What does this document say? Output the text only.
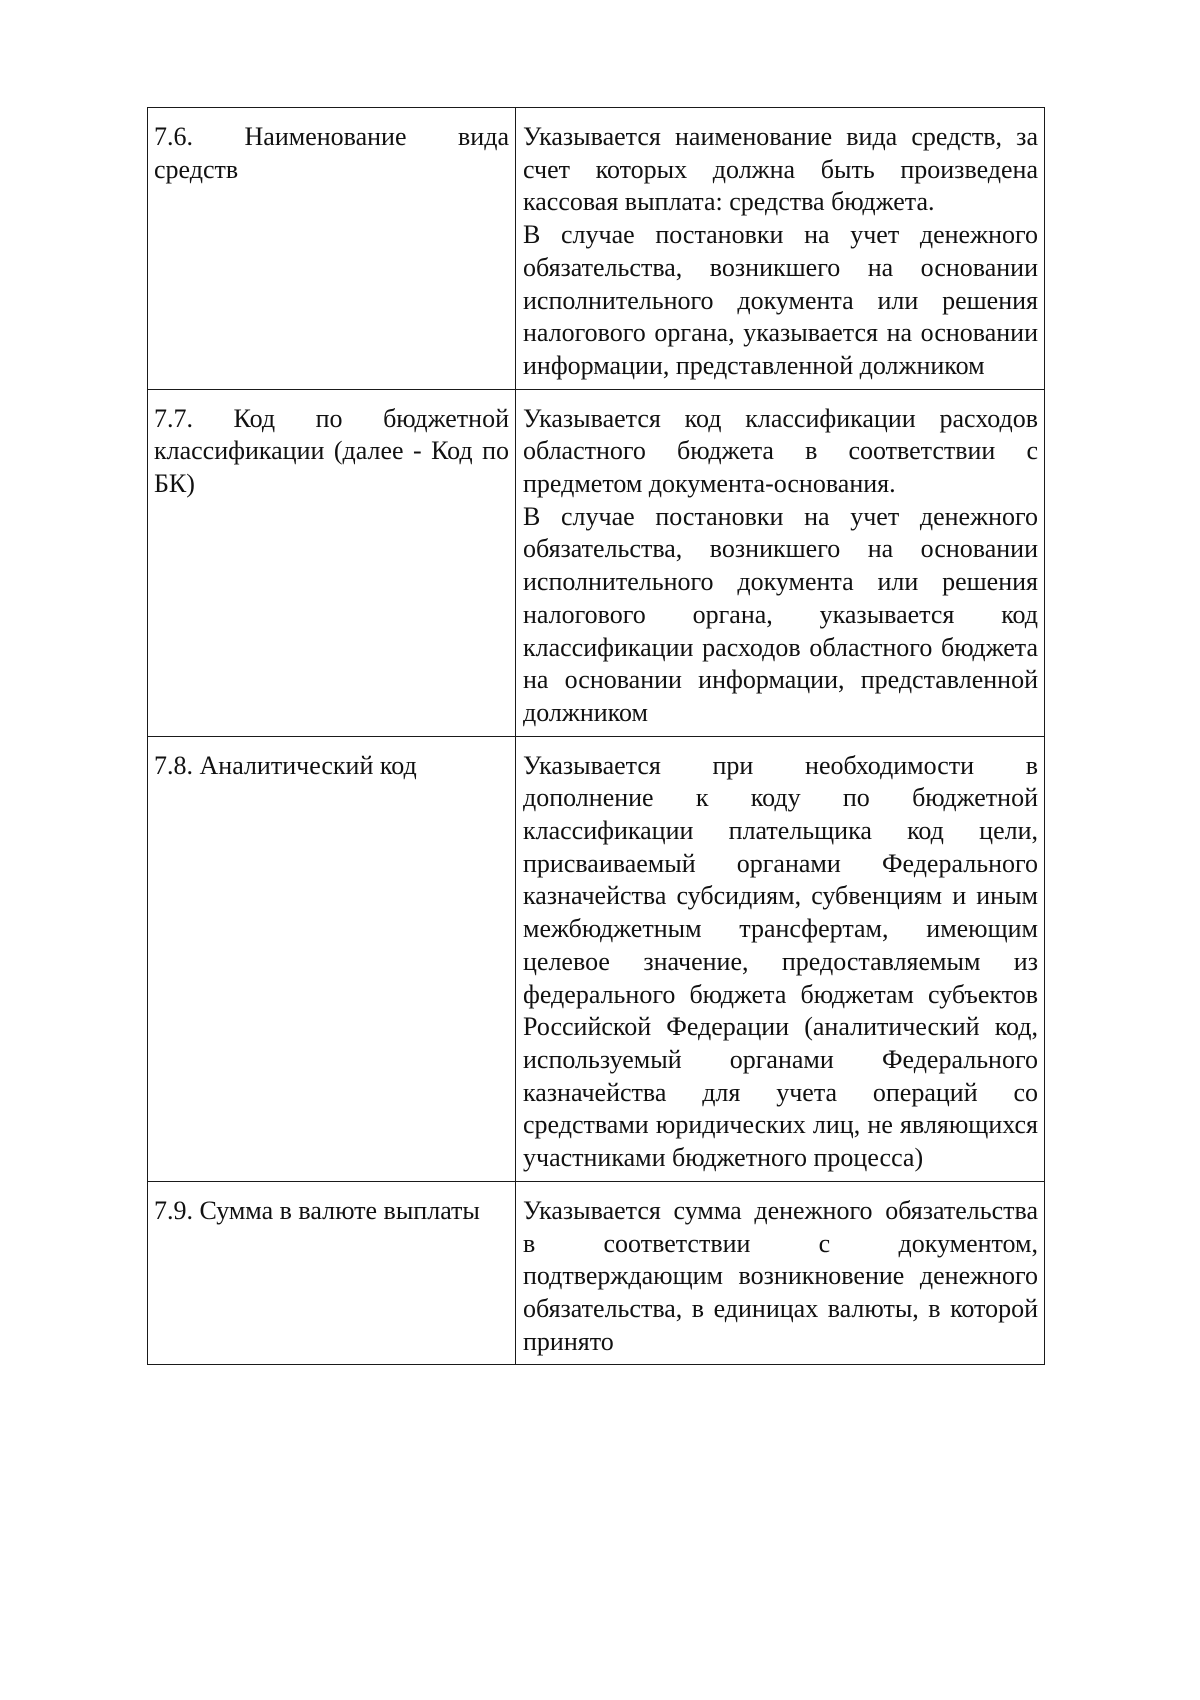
7.6. Наименование вида средств	Указывается наименование вида средств, за счет которых должна быть произведена кассовая выплата: средства бюджета.

В случае постановки на учет денежного обязательства, возникшего на основании исполнительного документа или решения налогового органа, указывается на основании информации, представленной должником

7.7. Код по бюджетной классификации (далее - Код по БК)	Указывается код классификации расходов областного бюджета в соответствии с предметом документа-основания.

В случае постановки на учет денежного обязательства, возникшего на основании исполнительного документа или решения налогового органа, указывается код классификации расходов областного бюджета на основании информации, представленной должником

7.8. Аналитический код	Указывается при необходимости в дополнение к коду по бюджетной классификации плательщика код цели, присваиваемый органами Федерального казначейства субсидиям, субвенциям и иным межбюджетным трансфертам, имеющим целевое значение, предоставляемым из федерального бюджета бюджетам субъектов Российской Федерации (аналитический код, используемый органами Федерального казначейства для учета операций со средствами юридических лиц, не являющихся участниками бюджетного процесса)

7.9. Сумма в валюте выплаты	Указывается сумма денежного обязательства в соответствии с документом, подтверждающим возникновение денежного обязательства, в единицах валюты, в которой принято
